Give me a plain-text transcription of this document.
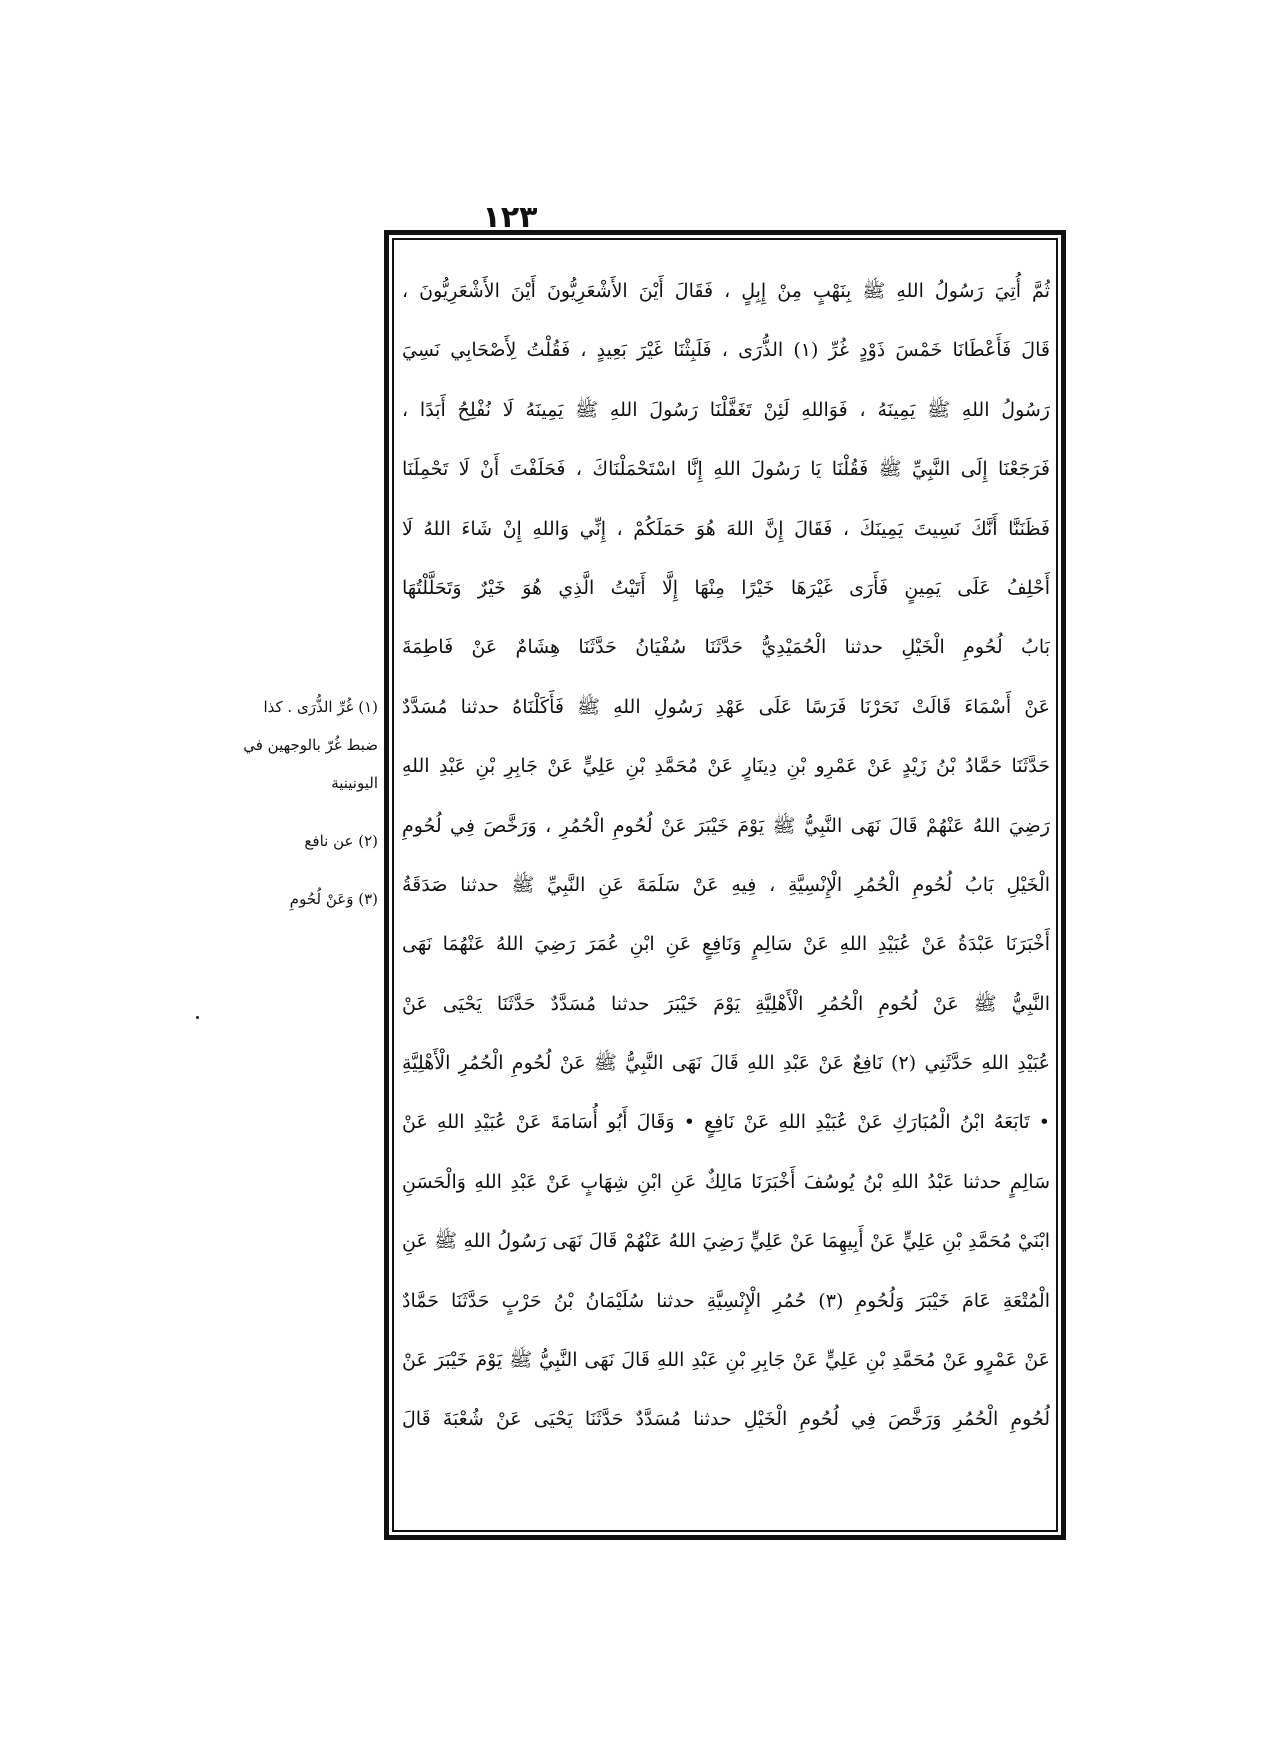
١٢٣
ثُمَّ أُتِيَ رَسُولُ اللهِ ﷺ بِنَهْبٍ مِنْ إِبِلٍ ، فَقَالَ أَيْنَ الأَشْعَرِيُّونَ أَيْنَ الأَشْعَرِيُّونَ ،
قَالَ فَأَعْطَانَا خَمْسَ ذَوْدٍ غُرِّ (١) الذُّرَى ، فَلَبِثْنَا غَيْرَ بَعِيدٍ ، فَقُلْتُ لِأَصْحَابِي نَسِيَ
رَسُولُ اللهِ ﷺ يَمِينَهُ ، فَوَاللهِ لَئِنْ تَغَفَّلْنَا رَسُولَ اللهِ ﷺ يَمِينَهُ لَا نُفْلِحُ أَبَدًا ،
فَرَجَعْنَا إِلَى النَّبِيِّ ﷺ فَقُلْنَا يَا رَسُولَ اللهِ إِنَّا اسْتَحْمَلْنَاكَ ، فَحَلَفْتَ أَنْ لَا تَحْمِلَنَا
فَظَنَنَّا أَنَّكَ نَسِيتَ يَمِينَكَ ، فَقَالَ إِنَّ اللهَ هُوَ حَمَلَكُمْ ، إِنِّي وَاللهِ إِنْ شَاءَ اللهُ لَا
أَحْلِفُ عَلَى يَمِينٍ فَأَرَى غَيْرَهَا خَيْرًا مِنْهَا إِلَّا أَتَيْتُ الَّذِي هُوَ خَيْرٌ وَتَحَلَّلْتُهَا
بَابُ لُحُومِ الْخَيْلِ حدثنا الْحُمَيْدِيُّ حَدَّثَنَا سُفْيَانُ حَدَّثَنَا هِشَامٌ عَنْ فَاطِمَةَ
عَنْ أَسْمَاءَ قَالَتْ نَحَرْنَا فَرَسًا عَلَى عَهْدِ رَسُولِ اللهِ ﷺ فَأَكَلْنَاهُ حدثنا مُسَدَّدٌ
حَدَّثَنَا حَمَّادُ بْنُ زَيْدٍ عَنْ عَمْرِو بْنِ دِينَارٍ عَنْ مُحَمَّدِ بْنِ عَلِيٍّ عَنْ جَابِرِ بْنِ عَبْدِ اللهِ
رَضِيَ اللهُ عَنْهُمْ قَالَ نَهَى النَّبِيُّ ﷺ يَوْمَ خَيْبَرَ عَنْ لُحُومِ الْحُمُرِ ، وَرَخَّصَ فِي لُحُومِ
الْخَيْلِ بَابُ لُحُومِ الْحُمُرِ الْإِنْسِيَّةِ ، فِيهِ عَنْ سَلَمَةَ عَنِ النَّبِيِّ ﷺ حدثنا صَدَقَةُ
أَخْبَرَنَا عَبْدَةُ عَنْ عُبَيْدِ اللهِ عَنْ سَالِمٍ وَنَافِعٍ عَنِ ابْنِ عُمَرَ رَضِيَ اللهُ عَنْهُمَا نَهَى
النَّبِيُّ ﷺ عَنْ لُحُومِ الْحُمُرِ الْأَهْلِيَّةِ يَوْمَ خَيْبَرَ حدثنا مُسَدَّدٌ حَدَّثَنَا يَحْيَى عَنْ
عُبَيْدِ اللهِ حَدَّثَنِي (٢) نَافِعٌ عَنْ عَبْدِ اللهِ قَالَ نَهَى النَّبِيُّ ﷺ عَنْ لُحُومِ الْحُمُرِ الْأَهْلِيَّةِ
• تَابَعَهُ ابْنُ الْمُبَارَكِ عَنْ عُبَيْدِ اللهِ عَنْ نَافِعٍ • وَقَالَ أَبُو أُسَامَةَ عَنْ عُبَيْدِ اللهِ عَنْ
سَالِمٍ حدثنا عَبْدُ اللهِ بْنُ يُوسُفَ أَخْبَرَنَا مَالِكٌ عَنِ ابْنِ شِهَابٍ عَنْ عَبْدِ اللهِ وَالْحَسَنِ
ابْنَيْ مُحَمَّدِ بْنِ عَلِيٍّ عَنْ أَبِيهِمَا عَنْ عَلِيٍّ رَضِيَ اللهُ عَنْهُمْ قَالَ نَهَى رَسُولُ اللهِ ﷺ عَنِ
الْمُتْعَةِ عَامَ خَيْبَرَ وَلُحُومِ (٣) حُمُرِ الْإِنْسِيَّةِ حدثنا سُلَيْمَانُ بْنُ حَرْبٍ حَدَّثَنَا حَمَّادٌ
عَنْ عَمْرٍو عَنْ مُحَمَّدِ بْنِ عَلِيٍّ عَنْ جَابِرِ بْنِ عَبْدِ اللهِ قَالَ نَهَى النَّبِيُّ ﷺ يَوْمَ خَيْبَرَ عَنْ
لُحُومِ الْحُمُرِ وَرَخَّصَ فِي لُحُومِ الْخَيْلِ حدثنا مُسَدَّدٌ حَدَّثَنَا يَحْيَى عَنْ شُعْبَةَ قَالَ
(١) غُرِّ الذُّرَى . كذا
ضبط غُرّ بالوجهين في
اليونينية
(٢) عن نافع
(٣) وَعَنْ لُحُومِ
